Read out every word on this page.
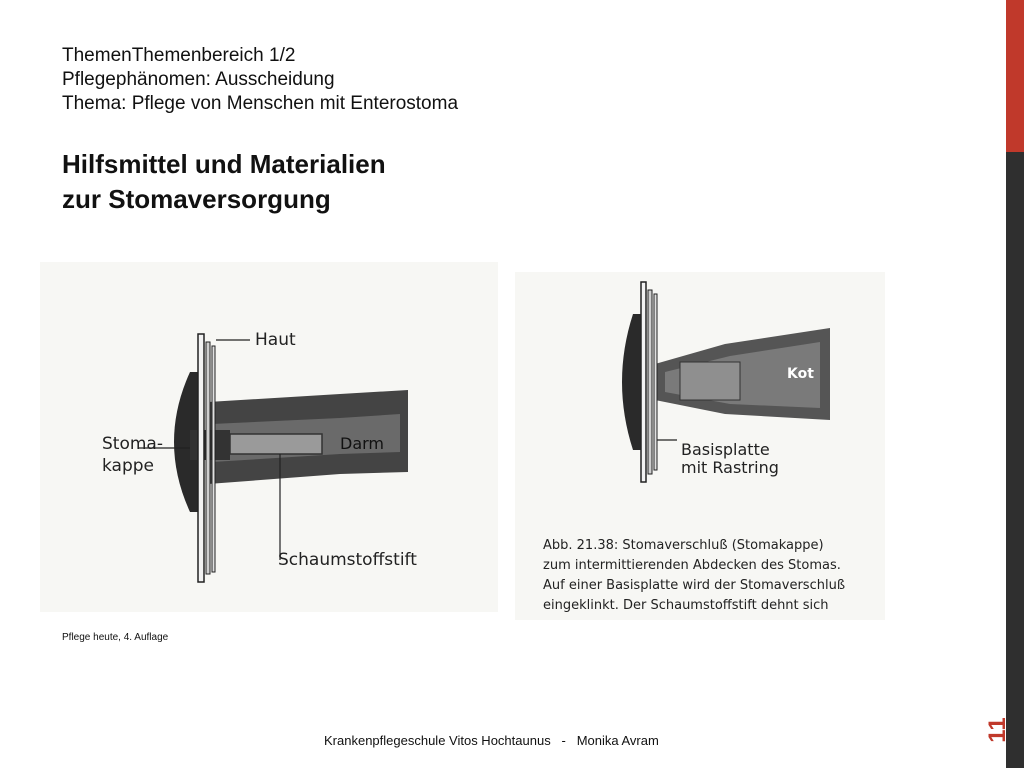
ThemenThemenbereich 1/2
Pflegephänomen: Ausscheidung
Thema: Pflege von Menschen mit Enterostoma
Hilfsmittel und Materialien
zur Stomaversorgung
Haut
Stoma-
kappe
Darm
Schaumstoffstift
Kot
Basisplatte
mit Rastring
Abb. 21.38: Stomaverschluß (Stomakappe)
zum intermittierenden Abdecken des Stomas.
Auf einer Basisplatte wird der Stomaverschluß
eingeklinkt. Der Schaumstoffstift dehnt sich
Pflege heute, 4. Auflage
Krankenpflegeschule Vitos Hochtaunus   -   Monika Avram	11
